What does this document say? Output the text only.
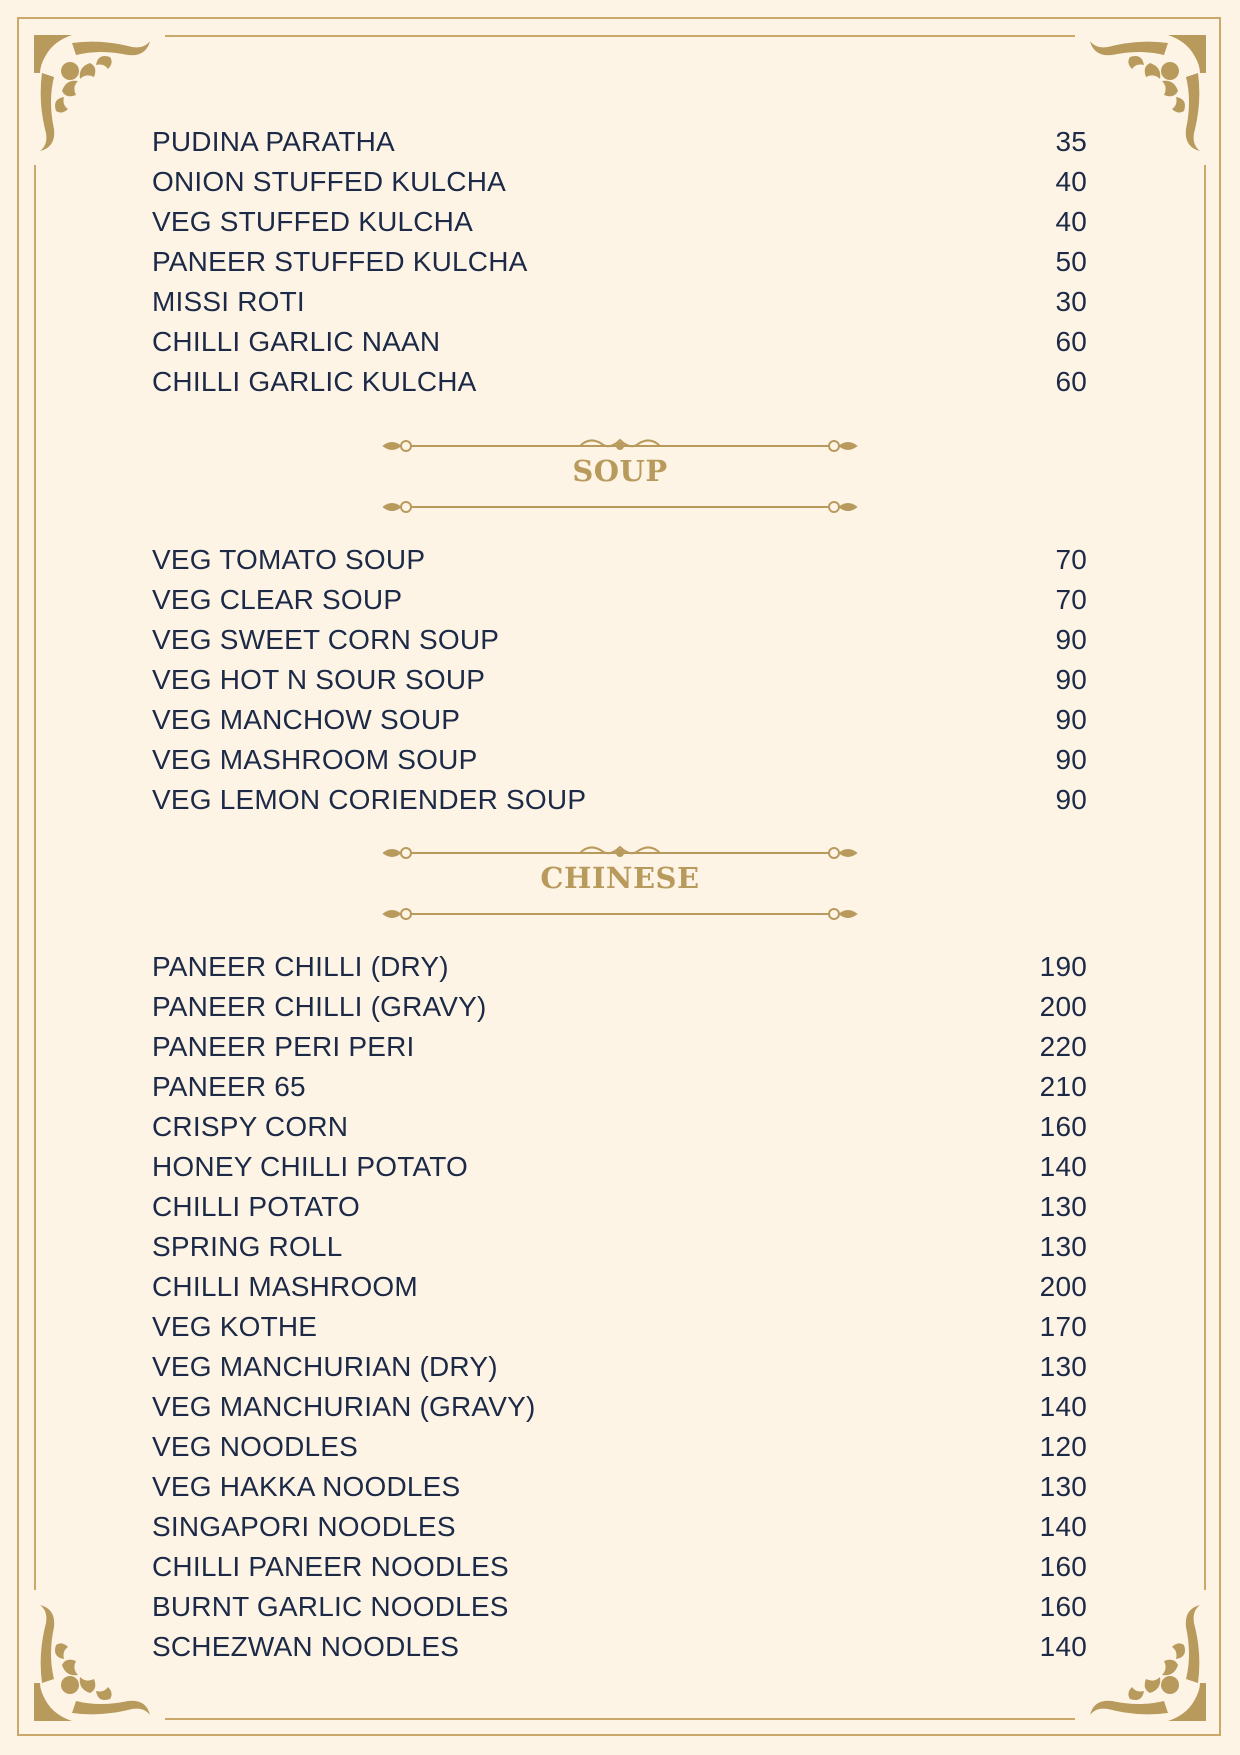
PUDINA PARATHA	35
ONION STUFFED KULCHA	40
VEG STUFFED KULCHA	40
PANEER STUFFED KULCHA	50
MISSI ROTI	30
CHILLI GARLIC NAAN	60
CHILLI GARLIC KULCHA	60
SOUP
VEG TOMATO SOUP	70
VEG CLEAR SOUP	70
VEG SWEET CORN SOUP	90
VEG HOT N SOUR SOUP	90
VEG MANCHOW SOUP	90
VEG MASHROOM SOUP	90
VEG LEMON CORIENDER SOUP	90
CHINESE
PANEER CHILLI (DRY)	190
PANEER CHILLI (GRAVY)	200
PANEER PERI PERI	220
PANEER 65	210
CRISPY CORN	160
HONEY CHILLI POTATO	140
CHILLI POTATO	130
SPRING ROLL	130
CHILLI MASHROOM	200
VEG KOTHE	170
VEG MANCHURIAN (DRY)	130
VEG MANCHURIAN (GRAVY)	140
VEG NOODLES	120
VEG HAKKA NOODLES	130
SINGAPORI NOODLES	140
CHILLI PANEER NOODLES	160
BURNT GARLIC NOODLES	160
SCHEZWAN NOODLES	140
